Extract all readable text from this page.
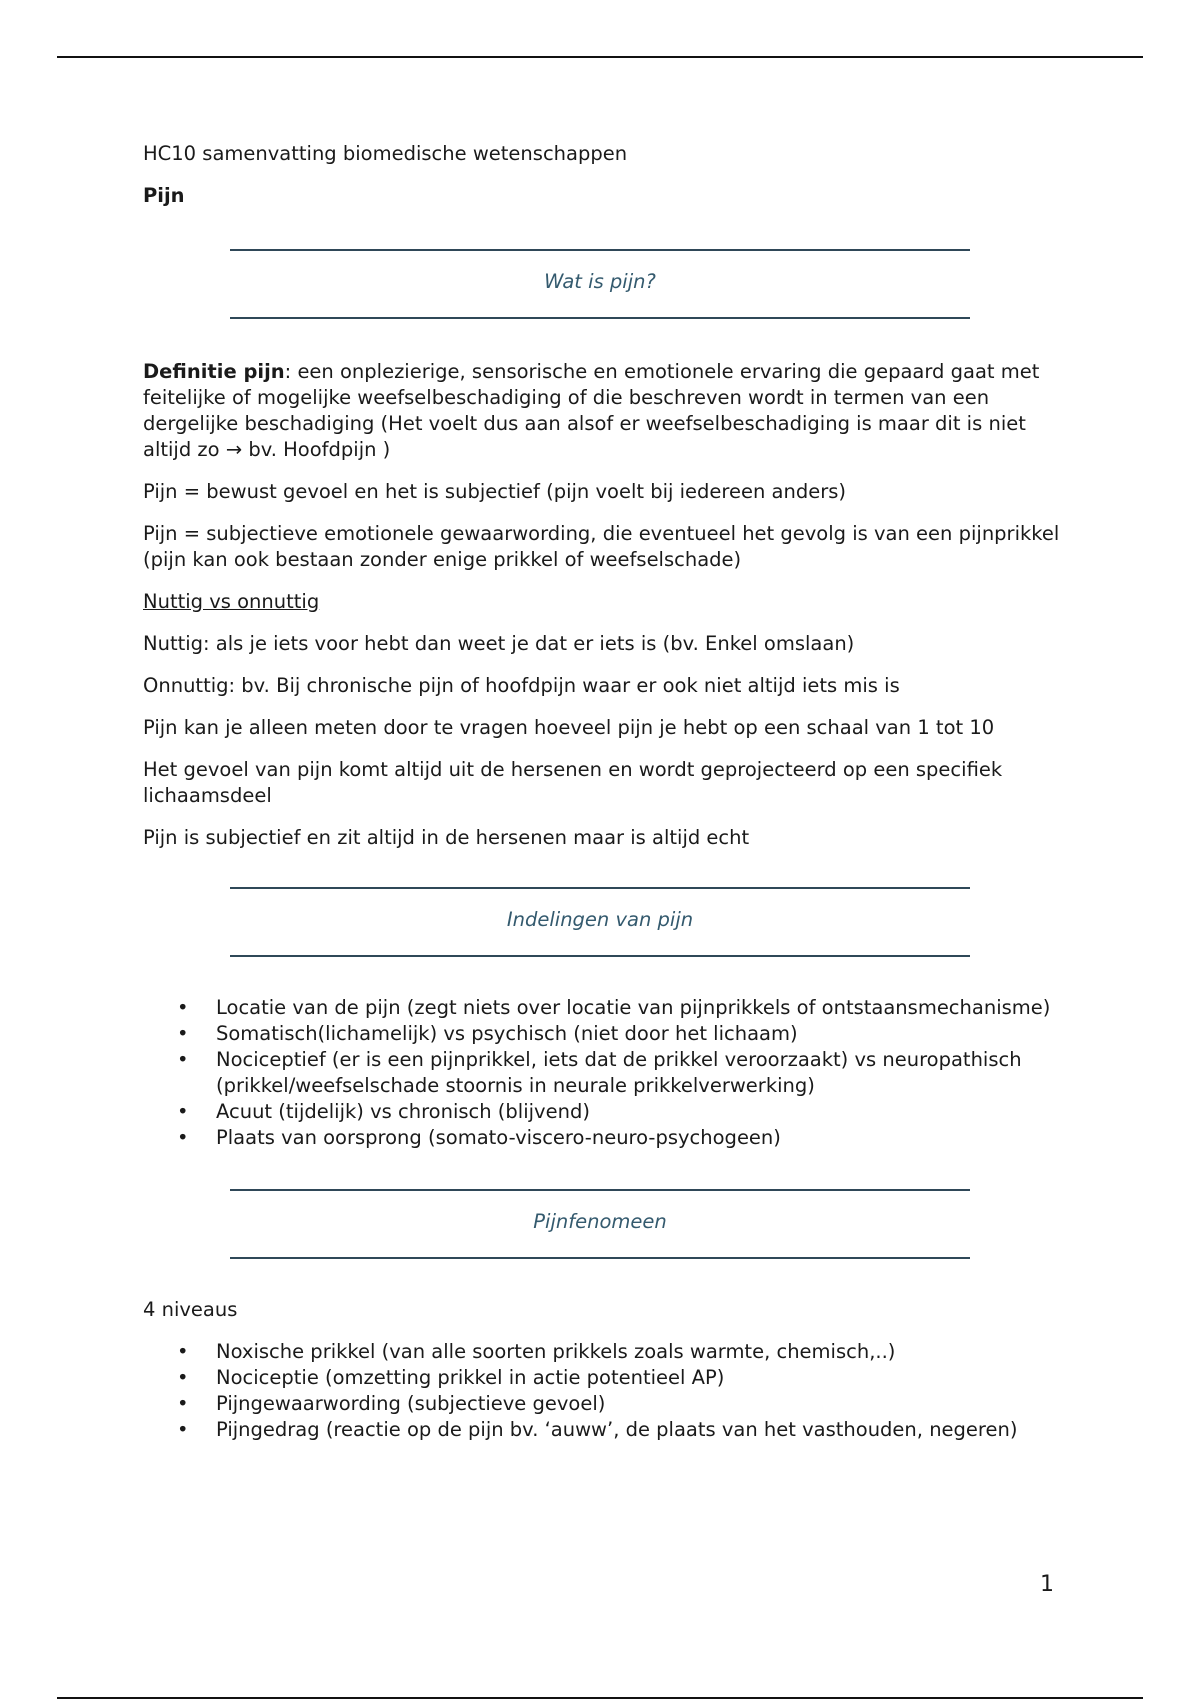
HC10 samenvatting biomedische wetenschappen

Pijn

Wat is pijn?

Definitie pijn: een onplezierige, sensorische en emotionele ervaring die gepaard gaat met feitelijke of mogelijke weefselbeschadiging of die beschreven wordt in termen van een dergelijke beschadiging (Het voelt dus aan alsof er weefselbeschadiging is maar dit is niet altijd zo → bv. Hoofdpijn )

Pijn = bewust gevoel en het is subjectief (pijn voelt bij iedereen anders)

Pijn = subjectieve emotionele gewaarwording, die eventueel het gevolg is van een pijnprikkel (pijn kan ook bestaan zonder enige prikkel of weefselschade)

Nuttig vs onnuttig

Nuttig: als je iets voor hebt dan weet je dat er iets is (bv. Enkel omslaan)

Onnuttig: bv. Bij chronische pijn of hoofdpijn waar er ook niet altijd iets mis is

Pijn kan je alleen meten door te vragen hoeveel pijn je hebt op een schaal van 1 tot 10

Het gevoel van pijn komt altijd uit de hersenen en wordt geprojecteerd op een specifiek lichaamsdeel

Pijn is subjectief en zit altijd in de hersenen maar is altijd echt

Indelingen van pijn
• Locatie van de pijn (zegt niets over locatie van pijnprikkels of ontstaansmechanisme)
• Somatisch(lichamelijk) vs psychisch (niet door het lichaam)
• Nociceptief (er is een pijnprikkel, iets dat de prikkel veroorzaakt) vs neuropathisch (prikkel/weefselschade stoornis in neurale prikkelverwerking)
• Acuut (tijdelijk) vs chronisch (blijvend)
• Plaats van oorsprong (somato-viscero-neuro-psychogeen)
Pijnfenomeen

4 niveaus

• Noxische prikkel (van alle soorten prikkels zoals warmte, chemisch,..)
• Nociceptie (omzetting prikkel in actie potentieel AP)
• Pijngewaarwording (subjectieve gevoel)
• Pijngedrag (reactie op de pijn bv. ‘auww’, de plaats van het vasthouden, negeren)
1
